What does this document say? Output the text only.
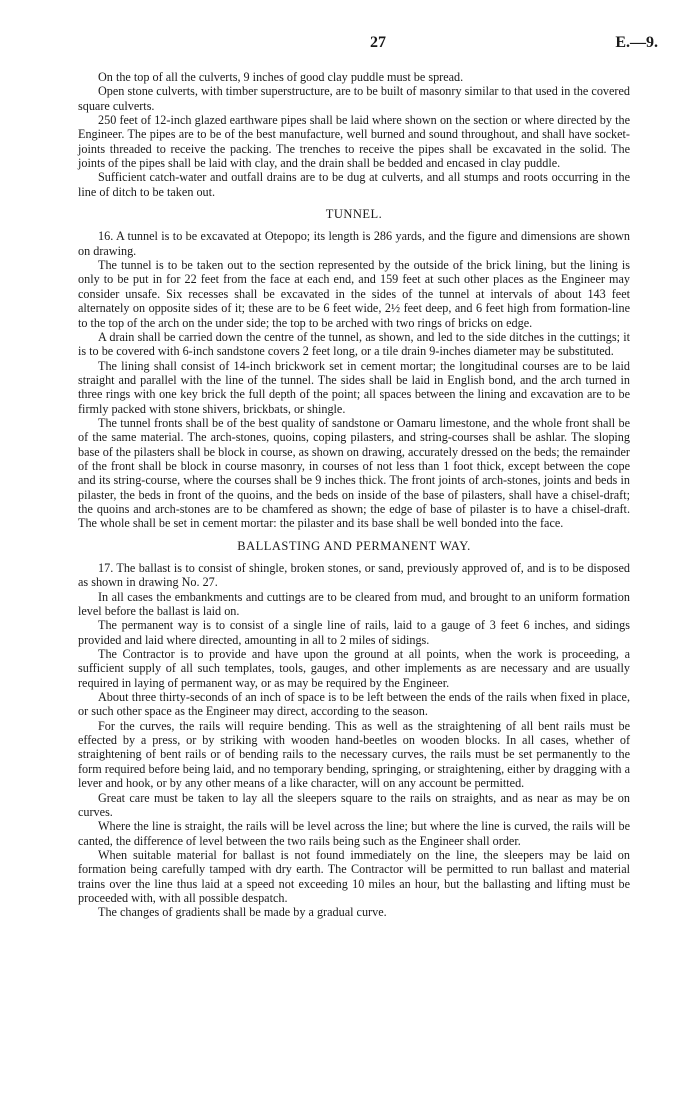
27	E.—9.

On the top of all the culverts, 9 inches of good clay puddle must be spread.

Open stone culverts, with timber superstructure, are to be built of masonry similar to that used in the covered square culverts.

250 feet of 12-inch glazed earthware pipes shall be laid where shown on the section or where directed by the Engineer. The pipes are to be of the best manufacture, well burned and sound throughout, and shall have socket-joints threaded to receive the packing. The trenches to receive the pipes shall be excavated in the solid. The joints of the pipes shall be laid with clay, and the drain shall be bedded and encased in clay puddle.

Sufficient catch-water and outfall drains are to be dug at culverts, and all stumps and roots occurring in the line of ditch to be taken out.

TUNNEL.

16. A tunnel is to be excavated at Otepopo; its length is 286 yards, and the figure and dimensions are shown on drawing.

The tunnel is to be taken out to the section represented by the outside of the brick lining, but the lining is only to be put in for 22 feet from the face at each end, and 159 feet at such other places as the Engineer may consider unsafe. Six recesses shall be excavated in the sides of the tunnel at intervals of about 143 feet alternately on opposite sides of it; these are to be 6 feet wide, 2½ feet deep, and 6 feet high from formation-line to the top of the arch on the under side; the top to be arched with two rings of bricks on edge.

A drain shall be carried down the centre of the tunnel, as shown, and led to the side ditches in the cuttings; it is to be covered with 6-inch sandstone covers 2 feet long, or a tile drain 9-inches diameter may be substituted.

The lining shall consist of 14-inch brickwork set in cement mortar; the longitudinal courses are to be laid straight and parallel with the line of the tunnel. The sides shall be laid in English bond, and the arch turned in three rings with one key brick the full depth of the point; all spaces between the lining and excavation are to be firmly packed with stone shivers, brickbats, or shingle.

The tunnel fronts shall be of the best quality of sandstone or Oamaru limestone, and the whole front shall be of the same material. The arch-stones, quoins, coping pilasters, and string-courses shall be ashlar. The sloping base of the pilasters shall be block in course, as shown on drawing, accurately dressed on the beds; the remainder of the front shall be block in course masonry, in courses of not less than 1 foot thick, except between the cope and its string-course, where the courses shall be 9 inches thick. The front joints of arch-stones, joints and beds in pilaster, the beds in front of the quoins, and the beds on inside of the base of pilasters, shall have a chisel-draft; the quoins and arch-stones are to be chamfered as shown; the edge of base of pilaster is to have a chisel-draft. The whole shall be set in cement mortar: the pilaster and its base shall be well bonded into the face.

BALLASTING AND PERMANENT WAY.

17. The ballast is to consist of shingle, broken stones, or sand, previously approved of, and is to be disposed as shown in drawing No. 27.

In all cases the embankments and cuttings are to be cleared from mud, and brought to an uniform formation level before the ballast is laid on.

The permanent way is to consist of a single line of rails, laid to a gauge of 3 feet 6 inches, and sidings provided and laid where directed, amounting in all to 2 miles of sidings.

The Contractor is to provide and have upon the ground at all points, when the work is proceeding, a sufficient supply of all such templates, tools, gauges, and other implements as are necessary and are usually required in laying of permanent way, or as may be required by the Engineer.

About three thirty-seconds of an inch of space is to be left between the ends of the rails when fixed in place, or such other space as the Engineer may direct, according to the season.

For the curves, the rails will require bending. This as well as the straightening of all bent rails must be effected by a press, or by striking with wooden hand-beetles on wooden blocks. In all cases, whether of straightening of bent rails or of bending rails to the necessary curves, the rails must be set permanently to the form required before being laid, and no temporary bending, springing, or straightening, either by dragging with a lever and hook, or by any other means of a like character, will on any account be permitted.

Great care must be taken to lay all the sleepers square to the rails on straights, and as near as may be on curves.

Where the line is straight, the rails will be level across the line; but where the line is curved, the rails will be canted, the difference of level between the two rails being such as the Engineer shall order.

When suitable material for ballast is not found immediately on the line, the sleepers may be laid on formation being carefully tamped with dry earth. The Contractor will be permitted to run ballast and material trains over the line thus laid at a speed not exceeding 10 miles an hour, but the ballasting and lifting must be proceeded with, with all possible despatch.

The changes of gradients shall be made by a gradual curve.
